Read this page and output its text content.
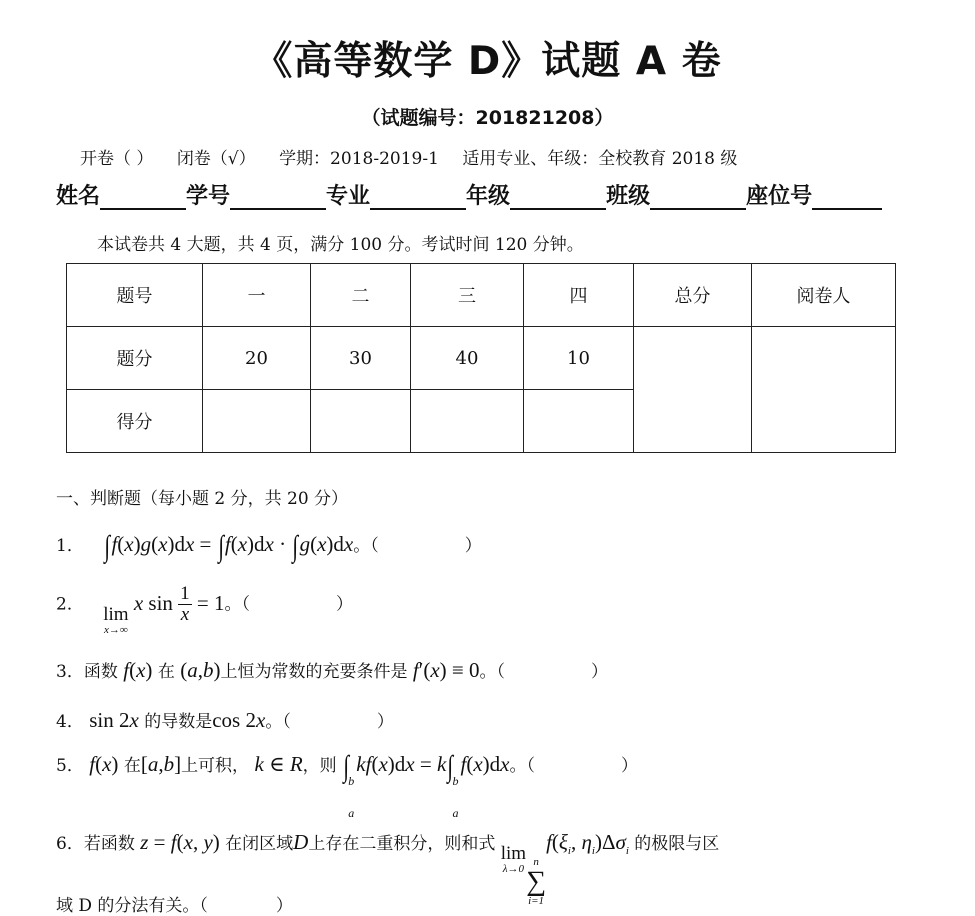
《高等数学 D》试题 A 卷
（试题编号：201821208）
开卷（ ） 闭卷（√） 学期：2018-2019-1 适用专业、年级：全校教育 2018 级
姓名	学号	专业	年级	班级	座位号
本试卷共 4 大题，共 4 页，满分 100 分。考试时间 120 分钟。
题号	一	二	三	四	总分	阅卷人
题分	20	30	40	10		
得分						
一、判断题（每小题 2 分，共 20 分）
1． ∫f(x)g(x)dx = ∫f(x)dx · ∫g(x)dx。（	）
2． lim
x→∞
x $\sin \frac{1}{x} = 1$。（	）
3．函数 f(x) 在 (a,b)上恒为常数的充要条件是 f′(x) ≡ 0。（	）
4． sin 2x 的导数是cos 2x。（	）
5． f(x) 在[a,b]上可积， k ∈ R，则 ∫ b
a
kf(x)dx = k∫ b
a
f(x)dx。（	）
6．若函数 z = f(x, y) 在闭区域D上存在二重积分，则和式 lim
λ→0
n
∑
i=1
$f(\xi_i$, $\eta_i)\Delta\sigma_i$ 的极限与区
域 D 的分法有关。（　　　　）
